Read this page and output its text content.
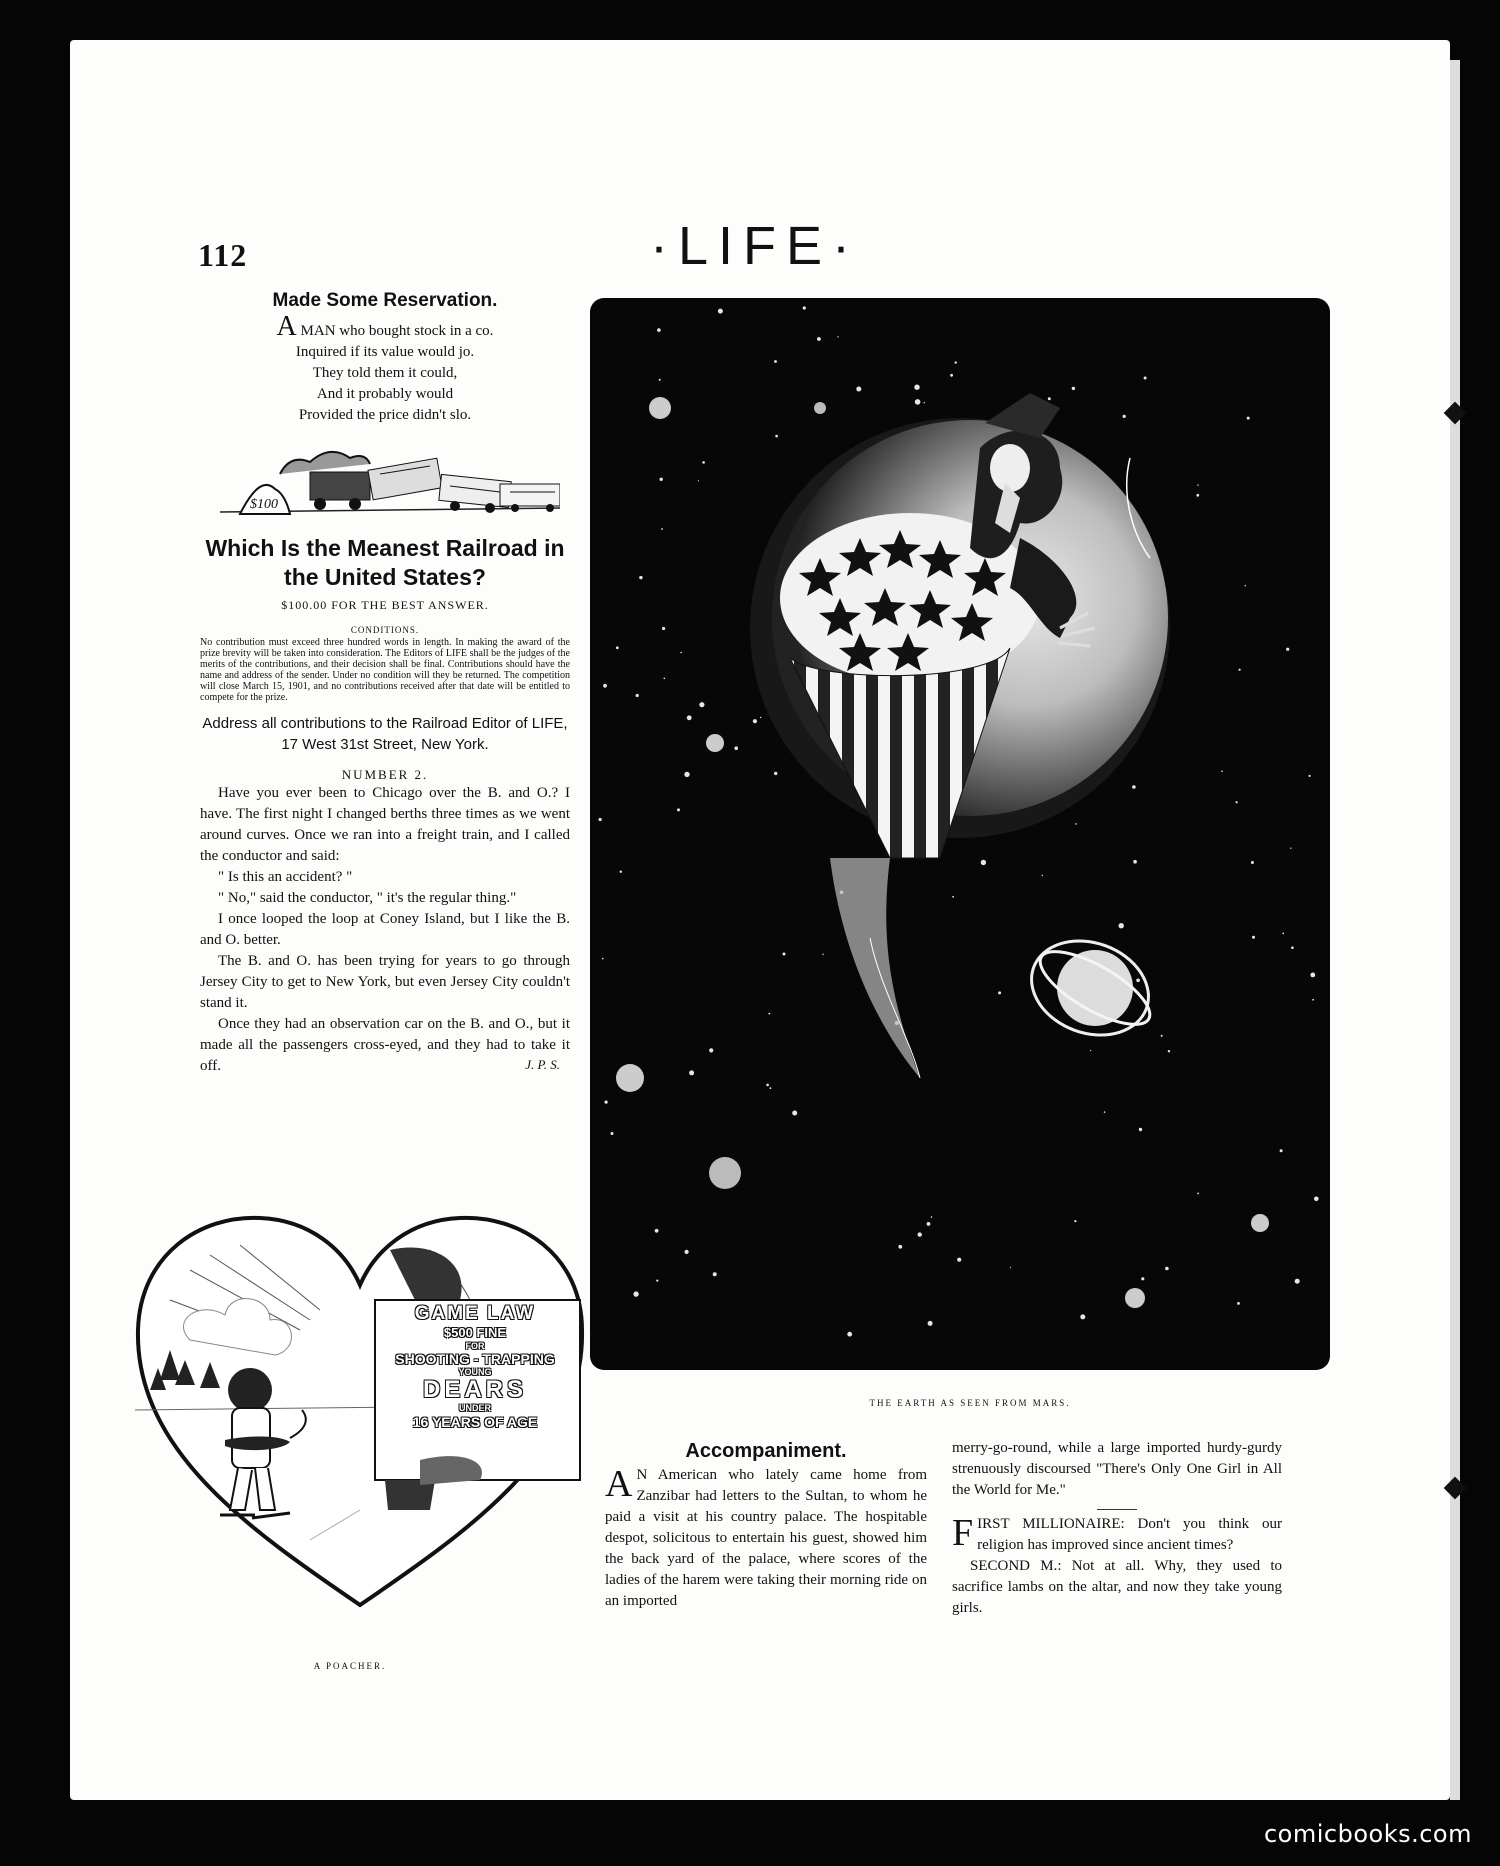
112	·LIFE·
Made Some Reservation.
A MAN who bought stock in a co.
Inquired if its value would jo.
They told them it could,
And it probably would
Provided the price didn't slo.
$100
Which Is the Meanest Railroad in the United States?
$100.00 FOR THE BEST ANSWER.
CONDITIONS.
No contribution must exceed three hundred words in length. In making the award of the prize brevity will be taken into consideration. The Editors of LIFE shall be the judges of the merits of the contributions, and their decision shall be final. Contributions should have the name and address of the sender. Under no condition will they be returned. The competition will close March 15, 1901, and no contributions received after that date will be entitled to compete for the prize.
Address all contributions to the Railroad Editor of LIFE, 17 West 31st Street, New York.
NUMBER 2.

Have you ever been to Chicago over the B. and O.? I have. The first night I changed berths three times as we went around curves. Once we ran into a freight train, and I called the conductor and said:

" Is this an accident? "

" No," said the conductor, " it's the regular thing."

I once looped the loop at Coney Island, but I like the B. and O. better.

The B. and O. has been trying for years to go through Jersey City to get to New York, but even Jersey City couldn't stand it.

Once they had an observation car on the B. and O., but it made all the passengers cross-eyed, and they had to take it off.	J. P. S.
GAME LAW
$500 FINE
FOR
SHOOTING - TRAPPING
YOUNG
DEARS
UNDER
16 YEARS OF AGE
A POACHER.
THE EARTH AS SEEN FROM MARS.
Accompaniment.

A N American who lately came home from Zanzibar had letters to the Sultan, to whom he paid a visit at his country palace. The hospitable despot, solicitous to entertain his guest, showed him the back yard of the palace, where scores of the ladies of the harem were taking their morning ride on an imported

merry-go-round, while a large imported hurdy-gurdy strenuously discoursed "There's Only One Girl in All the World for Me."

FIRST MILLIONAIRE: Don't you think our religion has improved since ancient times?

SECOND M.: Not at all. Why, they used to sacrifice lambs on the altar, and now they take young girls.

comicbooks.com
